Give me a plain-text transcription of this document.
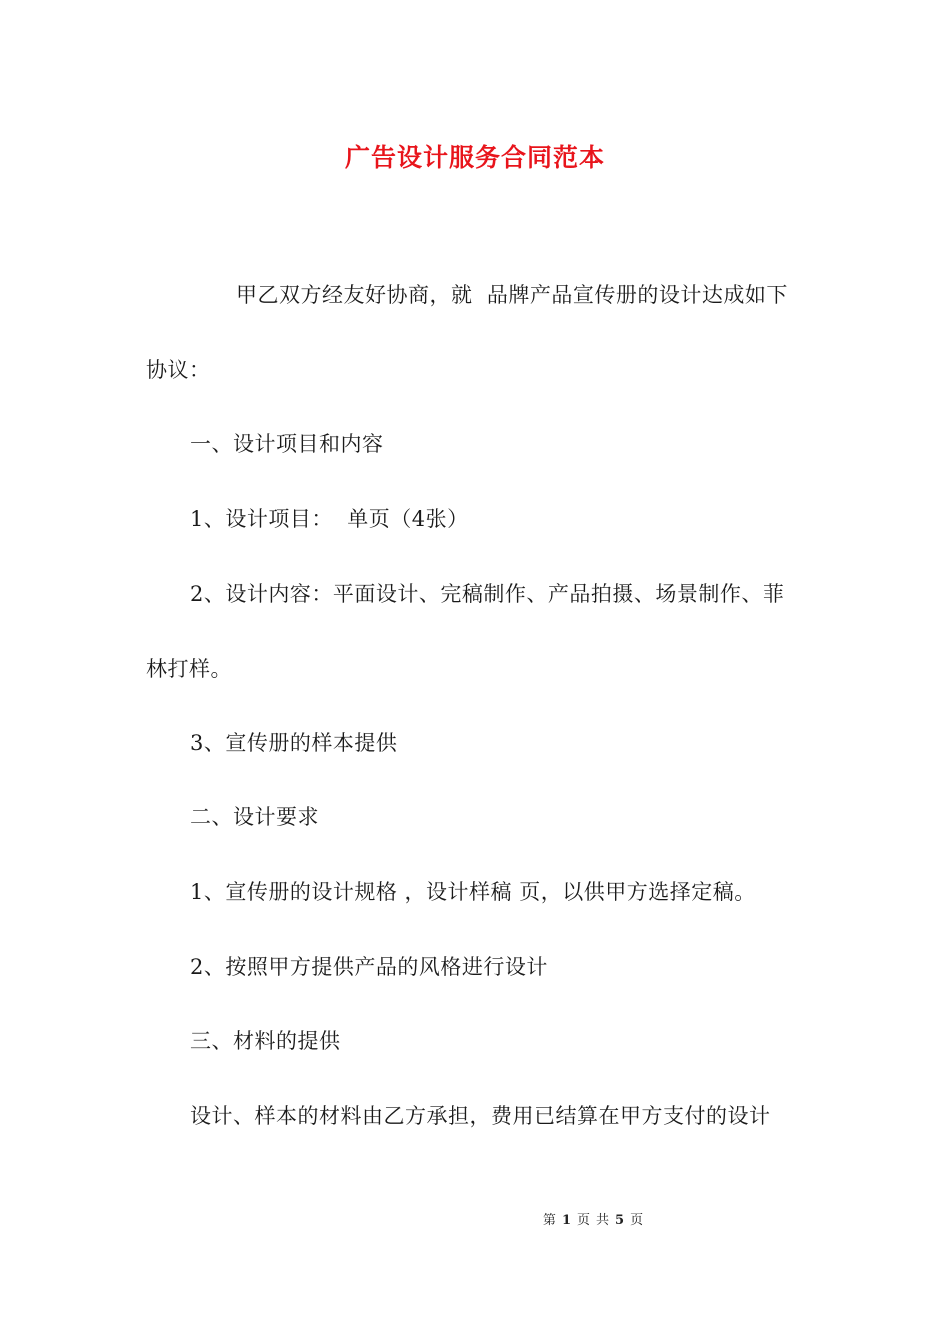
广告设计服务合同范本
甲乙双方经友好协商，就  品牌产品宣传册的设计达成如下
协议：
一、设计项目和内容
1、设计项目：  单页（4张）
2、设计内容：平面设计、完稿制作、产品拍摄、场景制作、菲
林打样。
3、宣传册的样本提供
二、设计要求
1、宣传册的设计规格 ，设计样稿 页，以供甲方选择定稿。
2、按照甲方提供产品的风格进行设计
三、材料的提供
设计、样本的材料由乙方承担，费用已结算在甲方支付的设计
第 1 页 共 5 页
